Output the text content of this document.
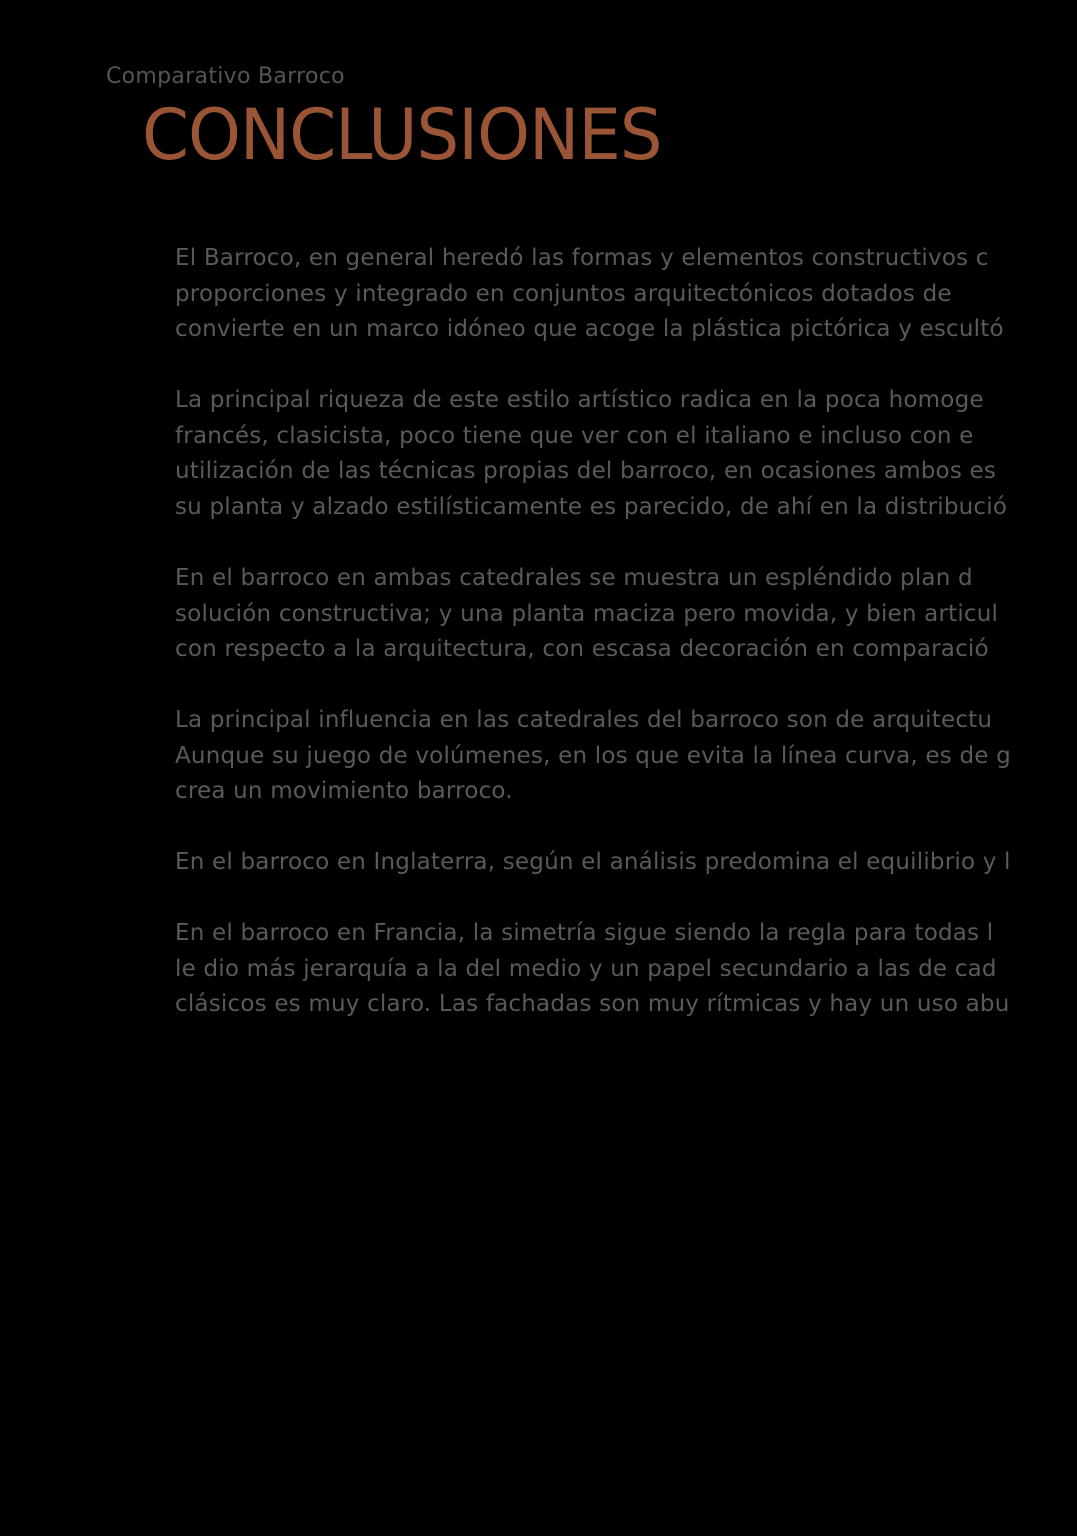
Comparativo Barroco
CONCLUSIONES
El Barroco, en general heredó las formas y elementos constructivos c
proporciones y integrado en conjuntos arquitectónicos dotados de
convierte en un marco idóneo que acoge la plástica pictórica y escultó
La principal riqueza de este estilo artístico radica en la poca homoge
francés, clasicista, poco tiene que ver con el italiano e incluso con e
utilización de las técnicas propias del barroco, en ocasiones ambos es
su planta y alzado estilísticamente es parecido, de ahí en la distribució
En el barroco en ambas catedrales se muestra un espléndido plan d
solución constructiva; y una planta maciza pero movida, y bien articul
con respecto a la arquitectura, con escasa decoración en comparació
La principal influencia en las catedrales del barroco son de arquitectu
Aunque su juego de volúmenes, en los que evita la línea curva, es de g
crea un movimiento barroco.
En el barroco en Inglaterra, según el análisis predomina el equilibrio y l
En el barroco en Francia, la simetría sigue siendo la regla para todas l
le dio más jerarquía a la del medio y un papel secundario a las de cad
clásicos es muy claro. Las fachadas son muy rítmicas y hay un uso abu
